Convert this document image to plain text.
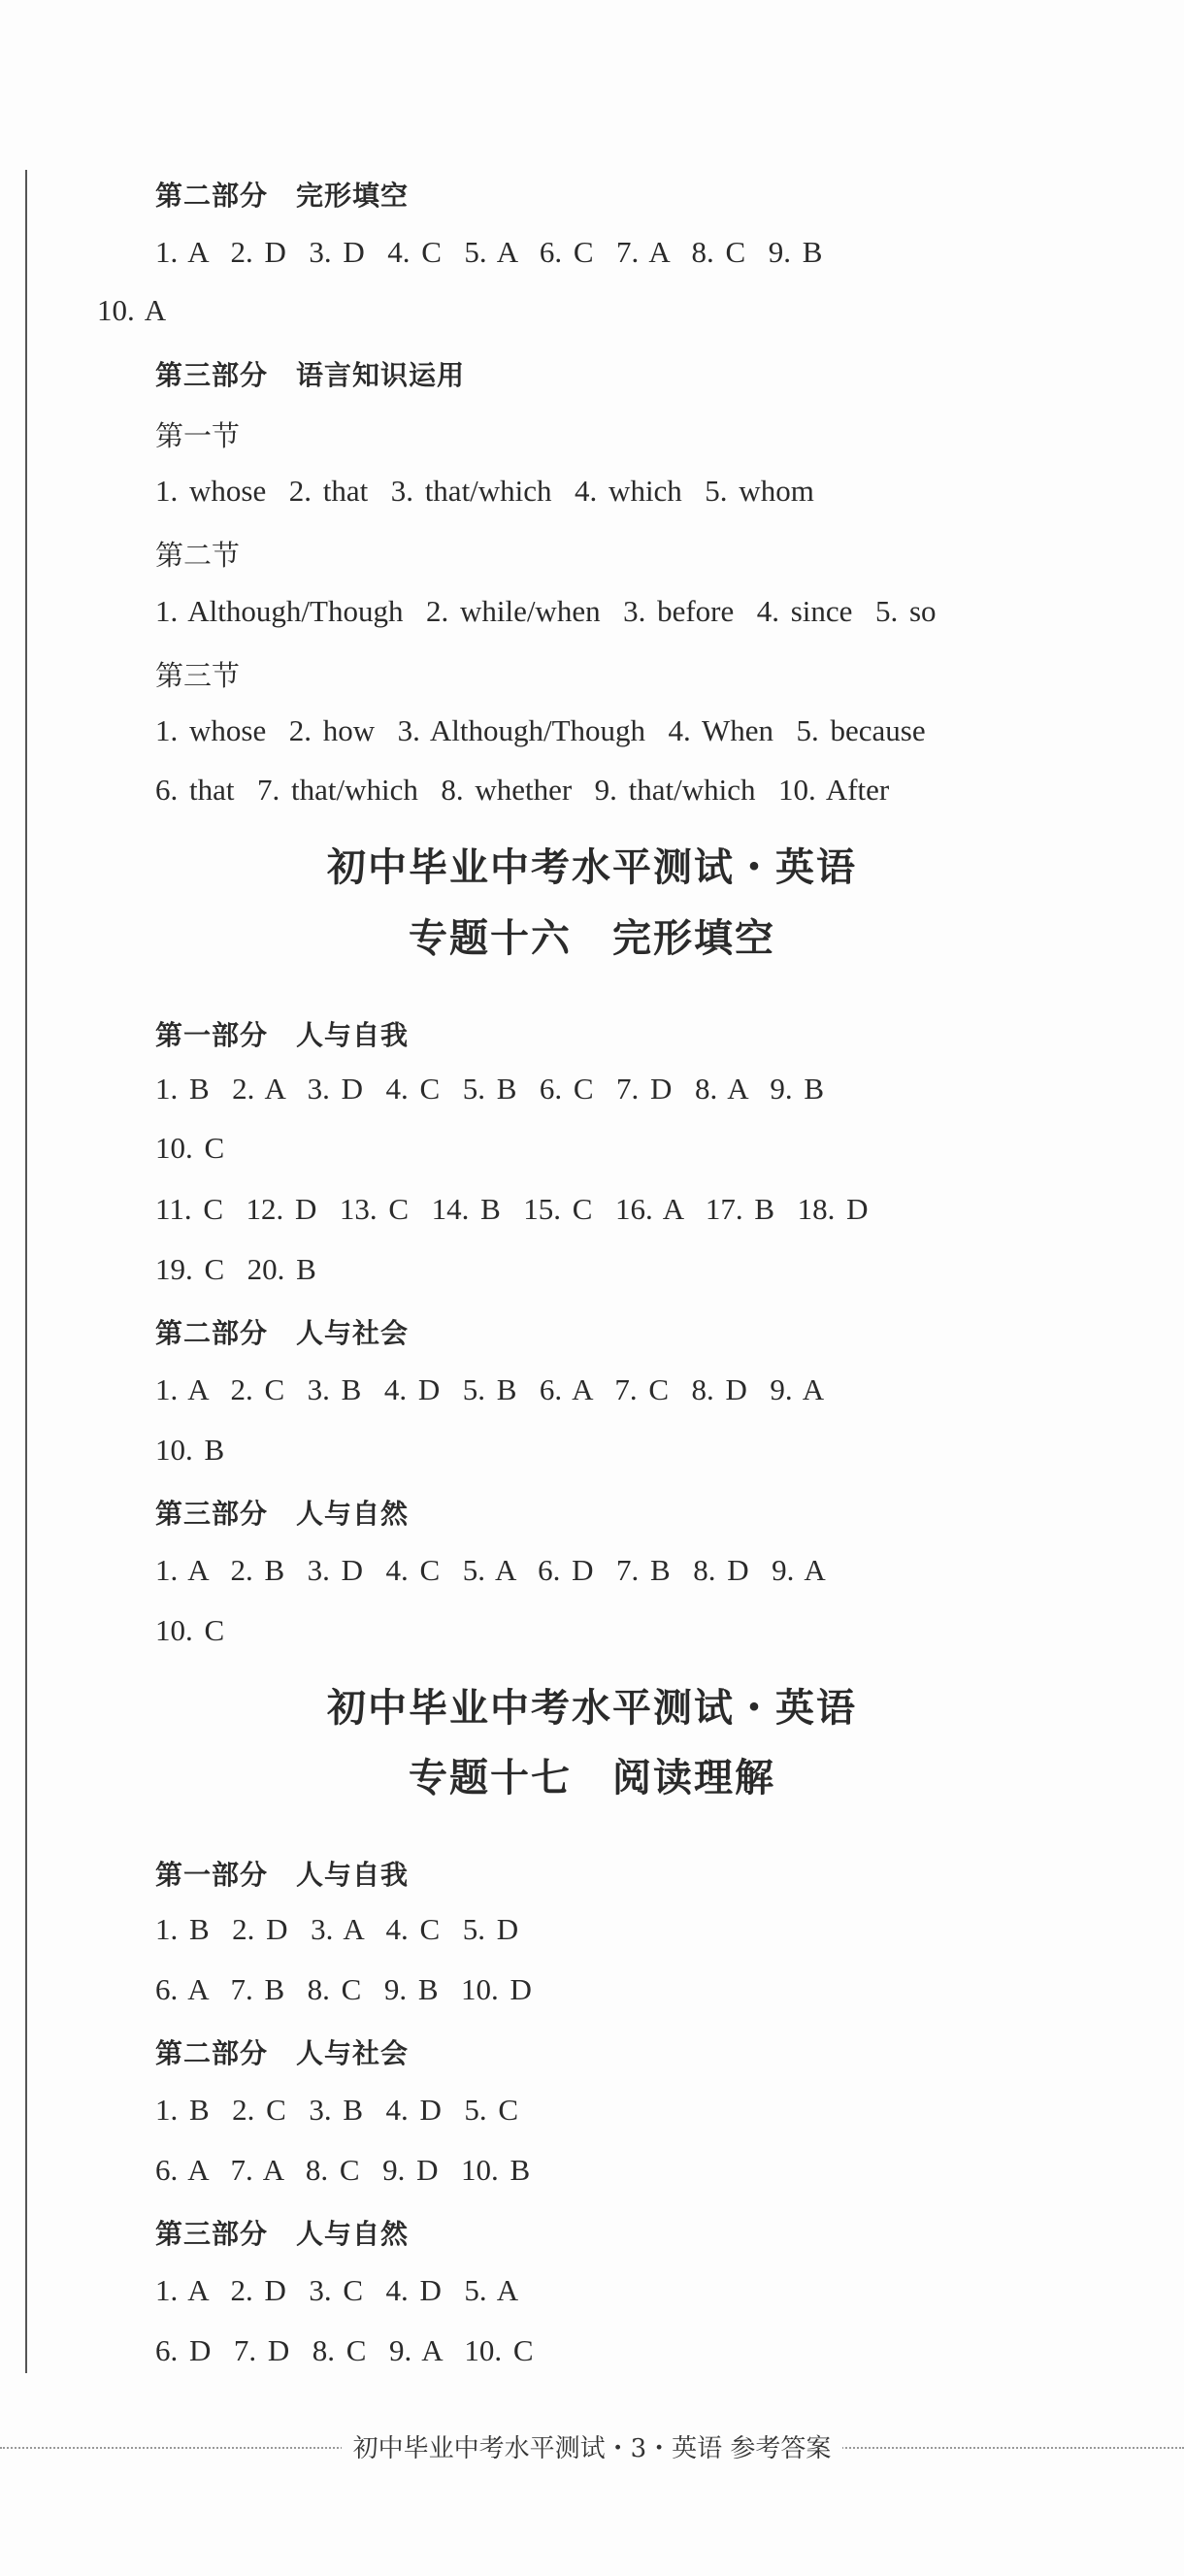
第二部分　完形填空
1. A  2. D  3. D  4. C  5. A  6. C  7. A  8. C  9. B
10. A
第三部分　语言知识运用
第一节
1. whose  2. that  3. that/which  4. which  5. whom
第二节
1. Although/Though  2. while/when  3. before  4. since  5. so
第三节
1. whose  2. how  3. Although/Though  4. When  5. because
6. that  7. that/which  8. whether  9. that/which  10. After
初中毕业中考水平测试・英语
专题十六　完形填空
第一部分　人与自我
1. B  2. A  3. D  4. C  5. B  6. C  7. D  8. A  9. B
10. C
11. C  12. D  13. C  14. B  15. C  16. A  17. B  18. D
19. C  20. B
第二部分　人与社会
1. A  2. C  3. B  4. D  5. B  6. A  7. C  8. D  9. A
10. B
第三部分　人与自然
1. A  2. B  3. D  4. C  5. A  6. D  7. B  8. D  9. A
10. C
初中毕业中考水平测试・英语
专题十七　阅读理解
第一部分　人与自我
1. B  2. D  3. A  4. C  5. D
6. A  7. B  8. C  9. B  10. D
第二部分　人与社会
1. B  2. C  3. B  4. D  5. C
6. A  7. A  8. C  9. D  10. B
第三部分　人与自然
1. A  2. D  3. C  4. D  5. A
6. D  7. D  8. C  9. A  10. C
初中毕业中考水平测试・3・英语 参考答案
